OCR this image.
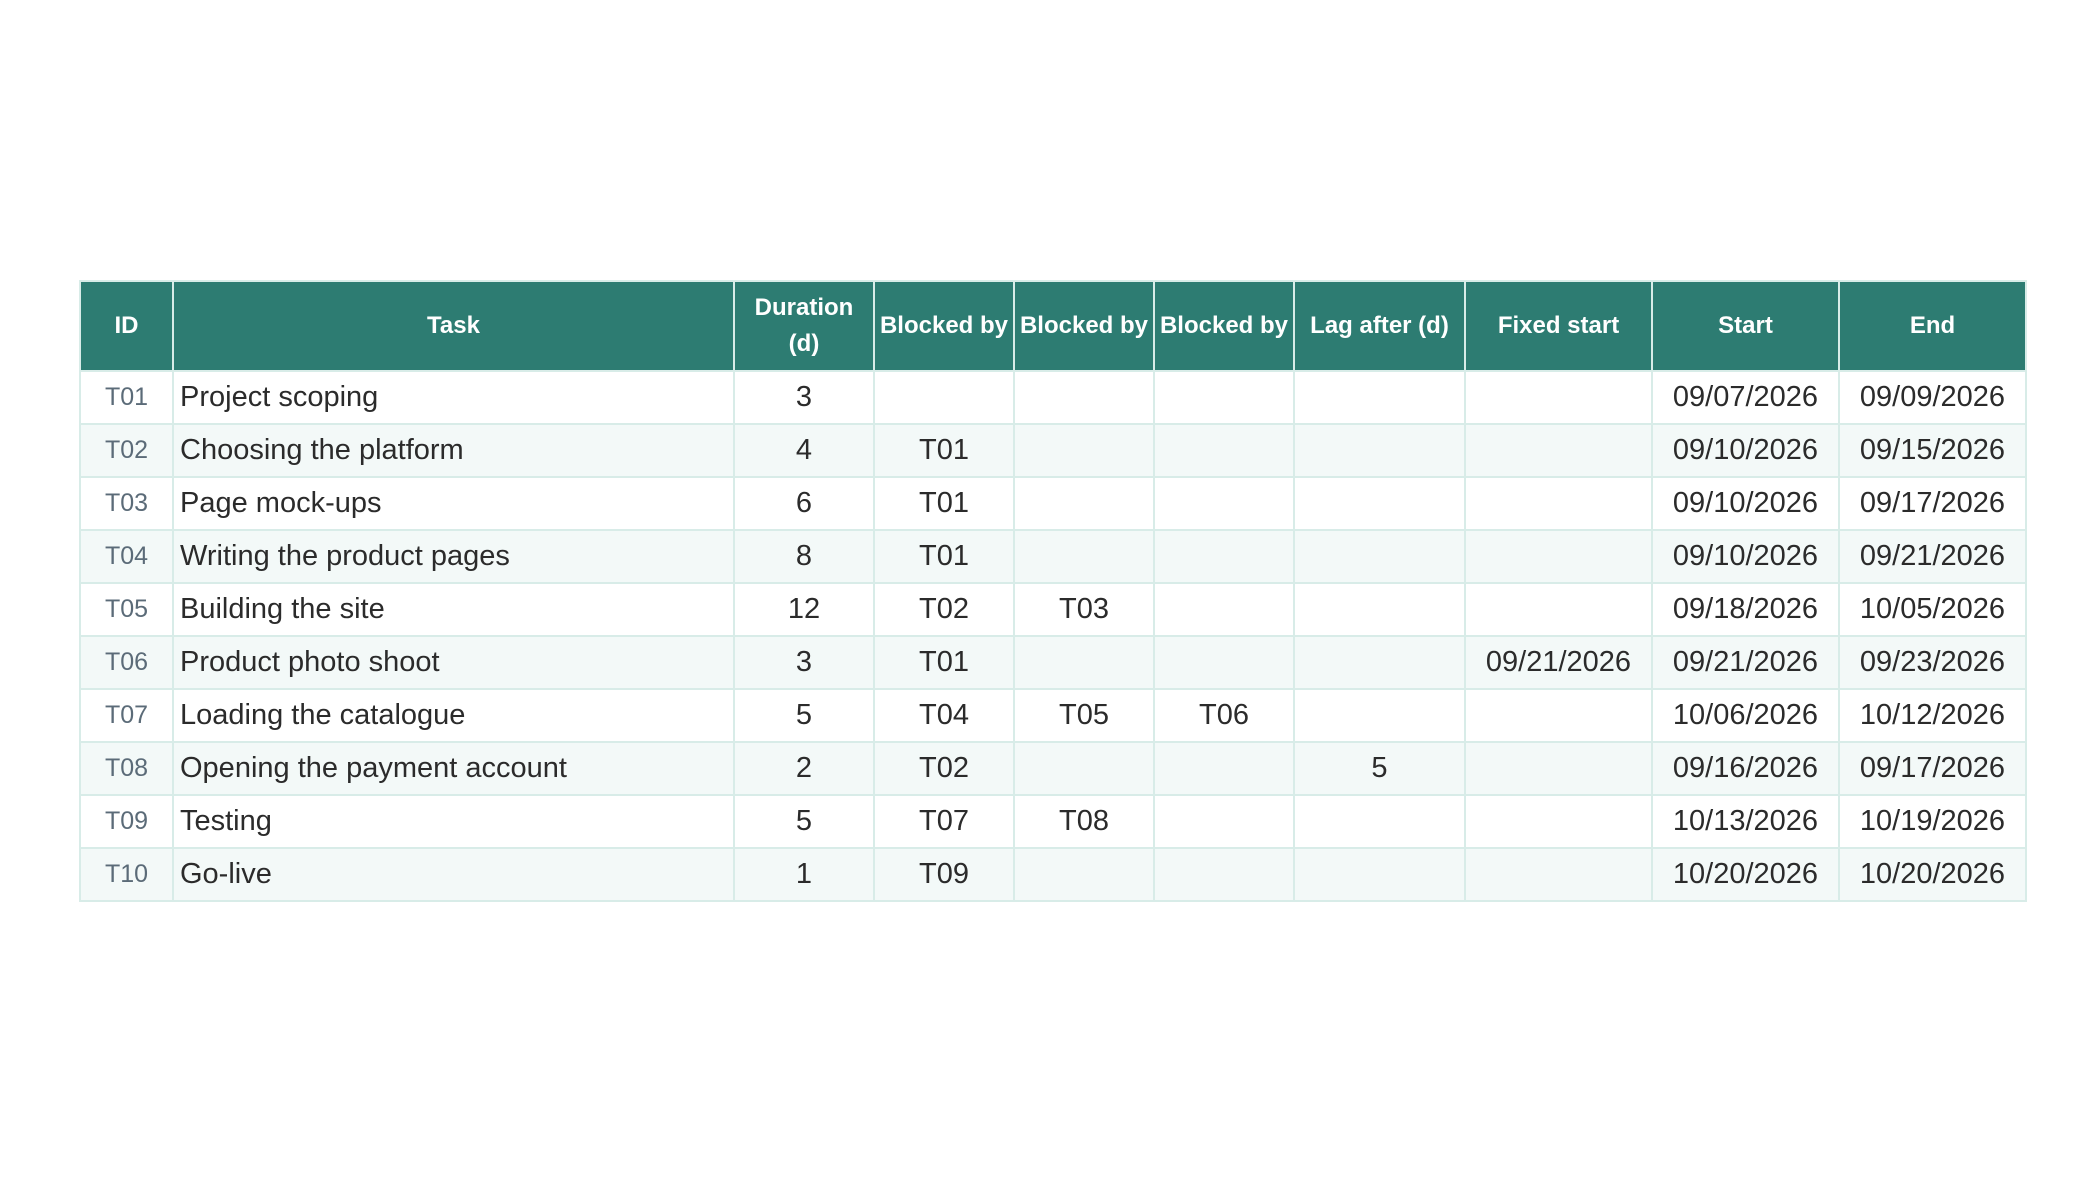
ID	Task	Duration (d)	Blocked by	Blocked by	Blocked by	Lag after (d)	Fixed start	Start	End
T01	Project scoping	3						09/07/2026	09/09/2026
T02	Choosing the platform	4	T01					09/10/2026	09/15/2026
T03	Page mock-ups	6	T01					09/10/2026	09/17/2026
T04	Writing the product pages	8	T01					09/10/2026	09/21/2026
T05	Building the site	12	T02	T03				09/18/2026	10/05/2026
T06	Product photo shoot	3	T01				09/21/2026	09/21/2026	09/23/2026
T07	Loading the catalogue	5	T04	T05	T06			10/06/2026	10/12/2026
T08	Opening the payment account	2	T02			5		09/16/2026	09/17/2026
T09	Testing	5	T07	T08				10/13/2026	10/19/2026
T10	Go-live	1	T09					10/20/2026	10/20/2026
